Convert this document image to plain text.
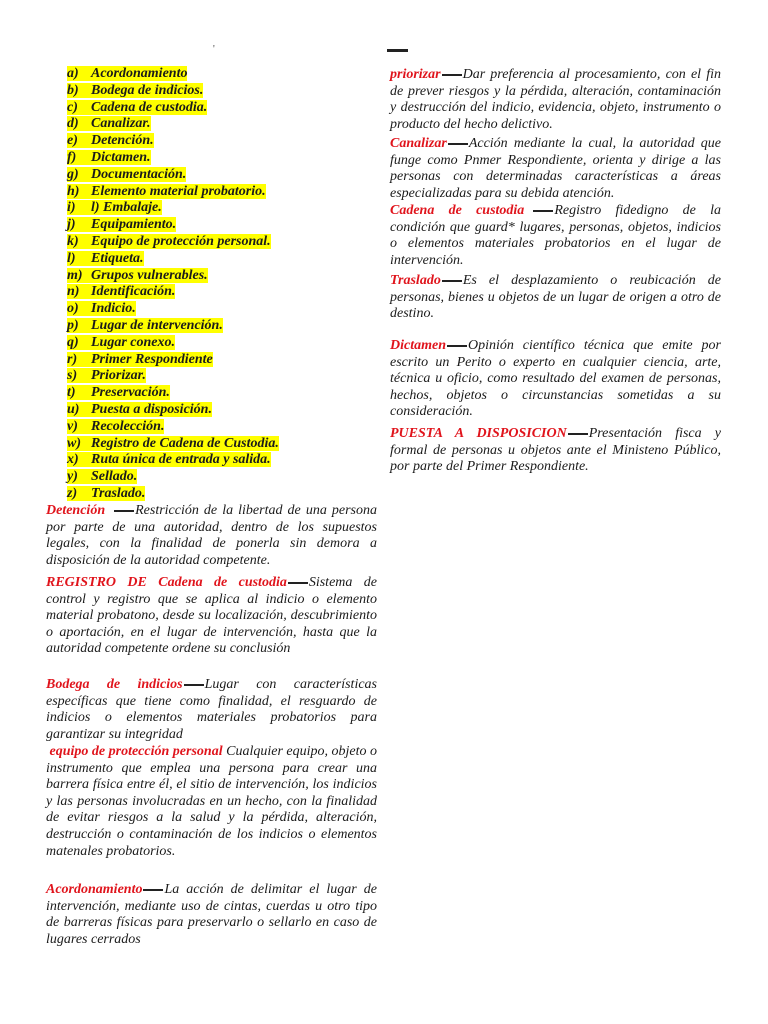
'
a) Acordonamiento
b) Bodega de indicios.
c) Cadena de custodia.
d) Canalizar.
e) Detención.
f) Dictamen.
g) Documentación.
h) Elemento material probatorio.
i) l) Embalaje.
j) Equipamiento.
k) Equipo de protección personal.
l) Etiqueta.
m) Grupos vulnerables.
n) Identificación.
o) Indicio.
p) Lugar de intervención.
q) Lugar conexo.
r) Primer Respondiente
s) Priorizar.
t) Preservación.
u) Puesta a disposición.
v) Recolección.
w) Registro de Cadena de Custodia.
x) Ruta única de entrada y salida.
y) Sellado.
z) Traslado.

Detención Restricción de la libertad de una persona por parte de una autoridad, dentro de los supuestos legales, con la finalidad de ponerla sin demora a disposición de la autoridad competente.

REGISTRO DE Cadena de custodia Sistema de control y registro que se aplica al indicio o elemento material probatono, desde su localización, descubrimiento o aportación, en el lugar de intervención, hasta que la autoridad competente ordene su conclusión

Bodega de indicios Lugar con características específicas que tiene como finalidad, el resguardo de indicios o elementos materiales probatorios para garantizar su integridad

equipo de protección personal Cualquier equipo, objeto o instrumento que emplea una persona para crear una barrera física entre él, el sitio de intervención, los indicios y las personas involucradas en un hecho, con la finalidad de evitar riesgos a la salud y la pérdida, alteración, destrucción o contaminación de los indicios o elementos matenales probatorios.

Acordonamiento La acción de delimitar el lugar de intervención, mediante uso de cintas, cuerdas u otro tipo de barreras físicas para preservarlo o sellarlo en caso de lugares cerrados

priorizar Dar preferencia al procesamiento, con el fin de prever riesgos y la pérdida, alteración, contaminación y destrucción del indicio, evidencia, objeto, instrumento o producto del hecho delictivo.

Canalizar Acción mediante la cual, la autoridad que funge como Pnmer Respondiente, orienta y dirige a las personas con determinadas características a áreas especializadas para su debida atención.

Cadena de custodia Registro fidedigno de la condición que guard* lugares, personas, objetos, indicios o elementos materiales probatorios en el lugar de intervención.

Traslado Es el desplazamiento o reubicación de personas, bienes u objetos de un lugar de origen a otro de destino.

Dictamen Opinión científico técnica que emite por escrito un Perito o experto en cualquier ciencia, arte, técnica u oficio, como resultado del examen de personas, hechos, objetos o circunstancias sometidas a su consideración.

PUESTA A DISPOSICION Presentación fisca y formal de personas u objetos ante el Ministeno Público, por parte del Primer Respondiente.
